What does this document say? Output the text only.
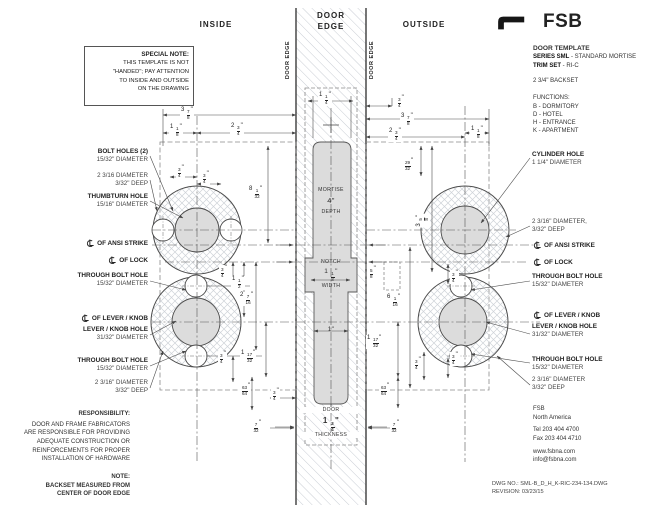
INSIDE
DOOR
EDGE	OUTSIDE
DOOR EDGE	DOOR EDGE
FSB
DOOR TEMPLATE
SERIES SML - STANDARD MORTISE
TRIM SET - RI-C
2 3/4" BACKSET
FUNCTIONS:
B - DORMITORY
D - HOTEL
H - ENTRANCE
K - APARTMENT
SPECIAL NOTE:
THIS TEMPLATE IS NOT
"HANDED"; PAY ATTENTION
TO INSIDE AND OUTSIDE
ON THE DRAWING
BOLT HOLES (2)
15/32" DIAMETER
2 3/16 DIAMETER
3/32" DEEP
THUMBTURN HOLE
15/16" DIAMETER
OF ANSI STRIKE
OF LOCK
THROUGH BOLT HOLE
15/32" DIAMETER
OF LEVER / KNOB
LEVER / KNOB HOLE
31/32" DIAMETER
THROUGH BOLT HOLE
15/32" DIAMETER
2 3/16" DIAMETER
3/32" DEEP
CYLINDER HOLE
1 1/4" DIAMETER
2 3/16" DIAMETER,
3/32" DEEP
OF ANSI STRIKE
OF LOCK
THROUGH BOLT HOLE
15/32" DIAMETER
OF LEVER / KNOB
LEVER / KNOB HOLE
31/32" DIAMETER
THROUGH BOLT HOLE
15/32" DIAMETER
2 3/16" DIAMETER
3/32" DEEP
MORTISE
4"
DEPTH
NOTCH
1
$\frac{1}{8}$
"
WIDTH
1"
DOOR
1
$\frac{3}{4}$
"
THICKNESS
$3 \frac{7}{8}$ "
$1 \frac{1}{8}$ "	$2 \frac{3}{4}$ "
$\frac{3}{4}$ "
$\frac{3}{4}$ "
$8 \frac{1}{32}$ "
$\frac{3}{4}$ "
$1 \frac{1}{2}$ "
$2 \frac{7}{16}$ "
$\frac{3}{4}$ "	$1 \frac{17}{32}$ "
$\frac{63}{64}$ "
$\frac{3}{4}$ "
$\frac{7}{32}$ "
$1 \frac{1}{4}$ "
$\frac{3}{4}$ "
$3 \frac{7}{8}$ "
$2 \frac{3}{4}$ "	$1 \frac{1}{8}$ "
$\frac{29}{32}$ "
3
5 8
"
$\frac{5}{8}$ "
$6 \frac{1}{16}$ "
$1 \frac{17}{32}$ "
$\frac{3}{4}$ "
$\frac{3}{4}$ "
$\frac{3}{4}$ "
$\frac{63}{64}$ "
$\frac{7}{32}$ "
RESPONSIBILITY:
DOOR AND FRAME FABRICATORS
ARE RESPONSIBLE FOR PROVIDING
ADEQUATE CONSTRUCTION OR
REINFORCEMENTS FOR PROPER
INSTALLATION OF HARDWARE
NOTE:
BACKSET MEASURED FROM
CENTER OF DOOR EDGE
FSB
North America
Tel 203 404 4700
Fax 203 404 4710
www.fsbna.com
info@fsbna.com
DWG NO.: SML-B_D_H_K-RIC-234-134.DWG
REVISION: 03/23/15
